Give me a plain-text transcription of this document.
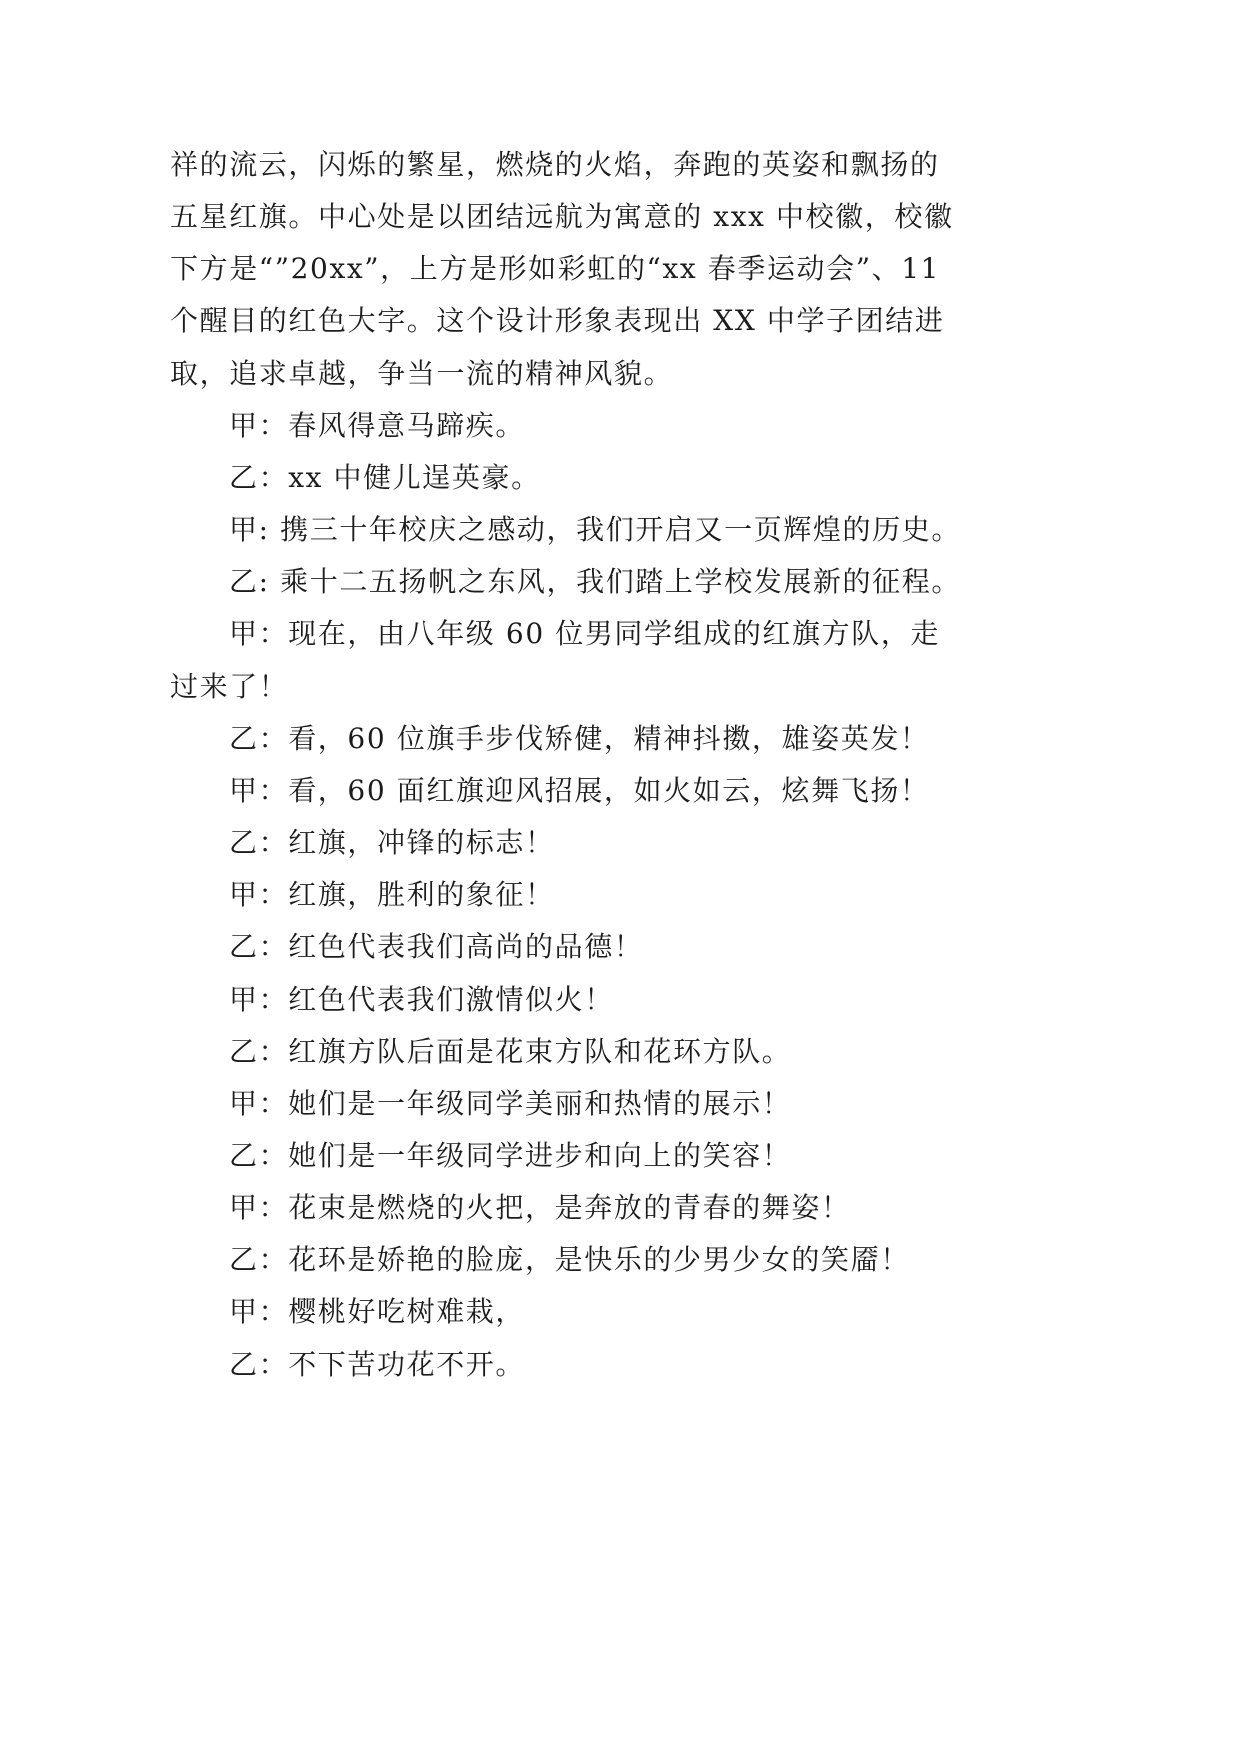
祥的流云，闪烁的繁星，燃烧的火焰，奔跑的英姿和飘扬的
五星红旗。中心处是以团结远航为寓意的 xxx 中校徽，校徽
下方是“”20xx”，上方是形如彩虹的“xx 春季运动会”、11
个醒目的红色大字。这个设计形象表现出 XX 中学子团结进
取，追求卓越，争当一流的精神风貌。
甲：春风得意马蹄疾。
乙：xx 中健儿逞英豪。
甲: 携三十年校庆之感动，我们开启又一页辉煌的历史。
乙: 乘十二五扬帆之东风，我们踏上学校发展新的征程。
甲：现在，由八年级 60 位男同学组成的红旗方队，走
过来了！
乙：看，60 位旗手步伐矫健，精神抖擞，雄姿英发！
甲：看，60 面红旗迎风招展，如火如云，炫舞飞扬！
乙：红旗，冲锋的标志！
甲：红旗，胜利的象征！
乙：红色代表我们高尚的品德！
甲：红色代表我们激情似火！
乙：红旗方队后面是花束方队和花环方队。
甲：她们是一年级同学美丽和热情的展示！
乙：她们是一年级同学进步和向上的笑容！
甲：花束是燃烧的火把，是奔放的青春的舞姿！
乙：花环是娇艳的脸庞，是快乐的少男少女的笑靥！
甲：樱桃好吃树难栽，
乙：不下苦功花不开。
